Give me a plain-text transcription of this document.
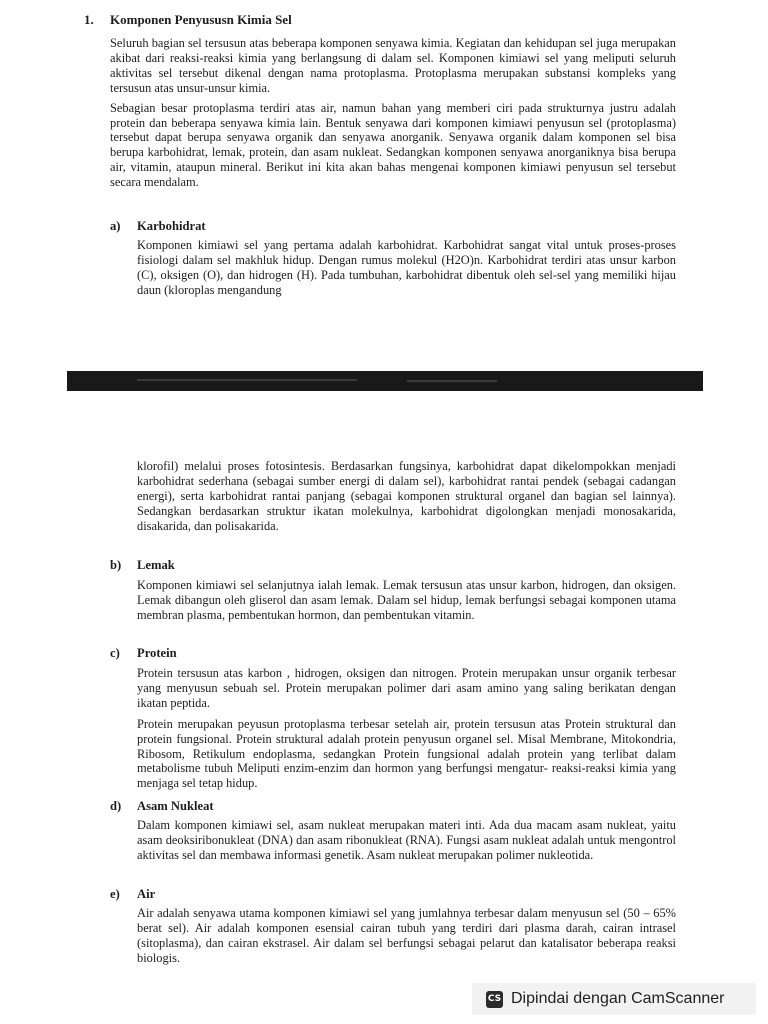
1. Komponen Penyususn Kimia Sel

Seluruh bagian sel tersusun atas beberapa komponen senyawa kimia. Kegiatan dan kehidupan sel juga merupakan akibat dari reaksi-reaksi kimia yang berlangsung di dalam sel. Komponen kimiawi sel yang meliputi seluruh aktivitas sel tersebut dikenal dengan nama protoplasma. Protoplasma merupakan substansi kompleks yang tersusun atas unsur-unsur kimia.

Sebagian besar protoplasma terdiri atas air, namun bahan yang memberi ciri pada strukturnya justru adalah protein dan beberapa senyawa kimia lain. Bentuk senyawa dari komponen kimiawi penyusun sel (protoplasma) tersebut dapat berupa senyawa organik dan senyawa anorganik. Senyawa organik dalam komponen sel bisa berupa karbohidrat, lemak, protein, dan asam nukleat. Sedangkan komponen senyawa anorganiknya bisa berupa air, vitamin, ataupun mineral. Berikut ini kita akan bahas mengenai komponen kimiawi penyusun sel tersebut secara mendalam.

a) Karbohidrat

Komponen kimiawi sel yang pertama adalah karbohidrat. Karbohidrat sangat vital untuk proses-proses fisiologi dalam sel makhluk hidup. Dengan rumus molekul (H2O)n. Karbohidrat terdiri atas unsur karbon (C), oksigen (O), dan hidrogen (H). Pada tumbuhan, karbohidrat dibentuk oleh sel-sel yang memiliki hijau daun (kloroplas mengandung

klorofil) melalui proses fotosintesis. Berdasarkan fungsinya, karbohidrat dapat dikelompokkan menjadi karbohidrat sederhana (sebagai sumber energi di dalam sel), karbohidrat rantai pendek (sebagai cadangan energi), serta karbohidrat rantai panjang (sebagai komponen struktural organel dan bagian sel lainnya). Sedangkan berdasarkan struktur ikatan molekulnya, karbohidrat digolongkan menjadi monosakarida, disakarida, dan polisakarida.

b) Lemak

Komponen kimiawi sel selanjutnya ialah lemak. Lemak tersusun atas unsur karbon, hidrogen, dan oksigen. Lemak dibangun oleh gliserol dan asam lemak. Dalam sel hidup, lemak berfungsi sebagai komponen utama membran plasma, pembentukan hormon, dan pembentukan vitamin.

c) Protein

Protein tersusun atas karbon , hidrogen, oksigen dan nitrogen. Protein merupakan unsur organik terbesar yang menyusun sebuah sel. Protein merupakan polimer dari asam amino yang saling berikatan dengan ikatan peptida.

Protein merupakan peyusun protoplasma terbesar setelah air, protein tersusun atas Protein struktural dan protein fungsional. Protein struktural adalah protein penyusun organel sel. Misal Membrane, Mitokondria, Ribosom, Retikulum endoplasma, sedangkan Protein fungsional adalah protein yang terlibat dalam metabolisme tubuh Meliputi enzim-enzim dan hormon yang berfungsi mengatur- reaksi-reaksi kimia yang menjaga sel tetap hidup.

d) Asam Nukleat

Dalam komponen kimiawi sel, asam nukleat merupakan materi inti. Ada dua macam asam nukleat, yaitu asam deoksiribonukleat (DNA) dan asam ribonukleat (RNA). Fungsi asam nukleat adalah untuk mengontrol aktivitas sel dan membawa informasi genetik. Asam nukleat merupakan polimer nukleotida.

e) Air

Air adalah senyawa utama komponen kimiawi sel yang jumlahnya terbesar dalam menyusun sel (50 – 65% berat sel). Air adalah komponen esensial cairan tubuh yang terdiri dari plasma darah, cairan intrasel (sitoplasma), dan cairan ekstrasel. Air dalam sel berfungsi sebagai pelarut dan katalisator beberapa reaksi biologis.

CS Dipindai dengan CamScanner
